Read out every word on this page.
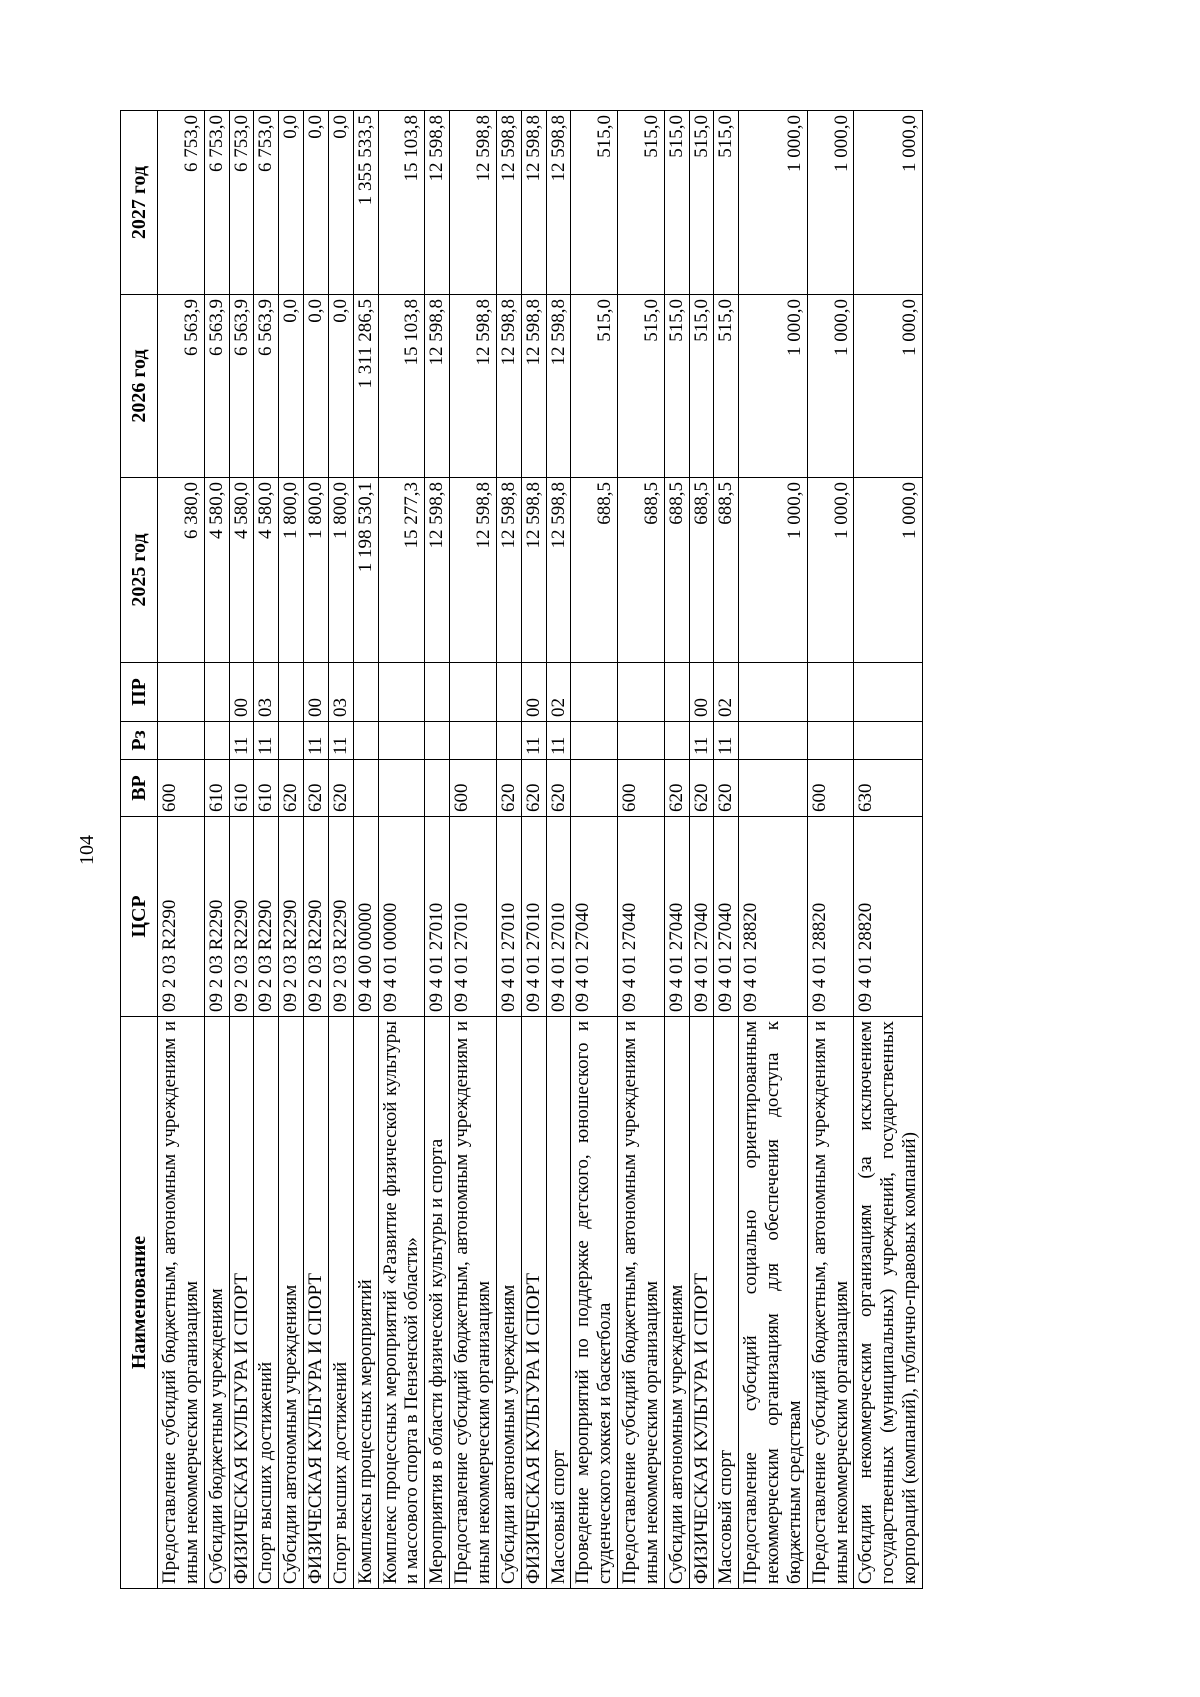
104
Наименование	ЦСР	ВР	Рз	ПР	2025 год	2026 год	2027 год
Предоставление субсидий бюджетным, автономным учреждениям и иным некоммерческим организациям	09 2 03 R2290	600			6 380,0	6 563,9	6 753,0
Субсидии бюджетным учреждениям	09 2 03 R2290	610			4 580,0	6 563,9	6 753,0
ФИЗИЧЕСКАЯ КУЛЬТУРА И СПОРТ	09 2 03 R2290	610	11	00	4 580,0	6 563,9	6 753,0
Спорт высших достижений	09 2 03 R2290	610	11	03	4 580,0	6 563,9	6 753,0
Субсидии автономным учреждениям	09 2 03 R2290	620			1 800,0	0,0	0,0
ФИЗИЧЕСКАЯ КУЛЬТУРА И СПОРТ	09 2 03 R2290	620	11	00	1 800,0	0,0	0,0
Спорт высших достижений	09 2 03 R2290	620	11	03	1 800,0	0,0	0,0
Комплексы процессных мероприятий	09 4 00 00000				1 198 530,1	1 311 286,5	1 355 533,5
Комплекс процессных мероприятий «Развитие физической культуры и массового спорта в Пензенской области»	09 4 01 00000				15 277,3	15 103,8	15 103,8
Мероприятия в области физической культуры и спорта	09 4 01 27010				12 598,8	12 598,8	12 598,8
Предоставление субсидий бюджетным, автономным учреждениям и иным некоммерческим организациям	09 4 01 27010	600			12 598,8	12 598,8	12 598,8
Субсидии автономным учреждениям	09 4 01 27010	620			12 598,8	12 598,8	12 598,8
ФИЗИЧЕСКАЯ КУЛЬТУРА И СПОРТ	09 4 01 27010	620	11	00	12 598,8	12 598,8	12 598,8
Массовый спорт	09 4 01 27010	620	11	02	12 598,8	12 598,8	12 598,8
Проведение мероприятий по поддержке детского, юношеского и студенческого хоккея и баскетбола	09 4 01 27040				688,5	515,0	515,0
Предоставление субсидий бюджетным, автономным учреждениям и иным некоммерческим организациям	09 4 01 27040	600			688,5	515,0	515,0
Субсидии автономным учреждениям	09 4 01 27040	620			688,5	515,0	515,0
ФИЗИЧЕСКАЯ КУЛЬТУРА И СПОРТ	09 4 01 27040	620	11	00	688,5	515,0	515,0
Массовый спорт	09 4 01 27040	620	11	02	688,5	515,0	515,0
Предоставление субсидий социально ориентированным некоммерческим организациям для обеспечения доступа к бюджетным средствам	09 4 01 28820				1 000,0	1 000,0	1 000,0
Предоставление субсидий бюджетным, автономным учреждениям и иным некоммерческим организациям	09 4 01 28820	600			1 000,0	1 000,0	1 000,0
Субсидии некоммерческим организациям (за исключением государственных (муниципальных) учреждений, государственных корпораций (компаний), публично-правовых компаний)	09 4 01 28820	630			1 000,0	1 000,0	1 000,0
